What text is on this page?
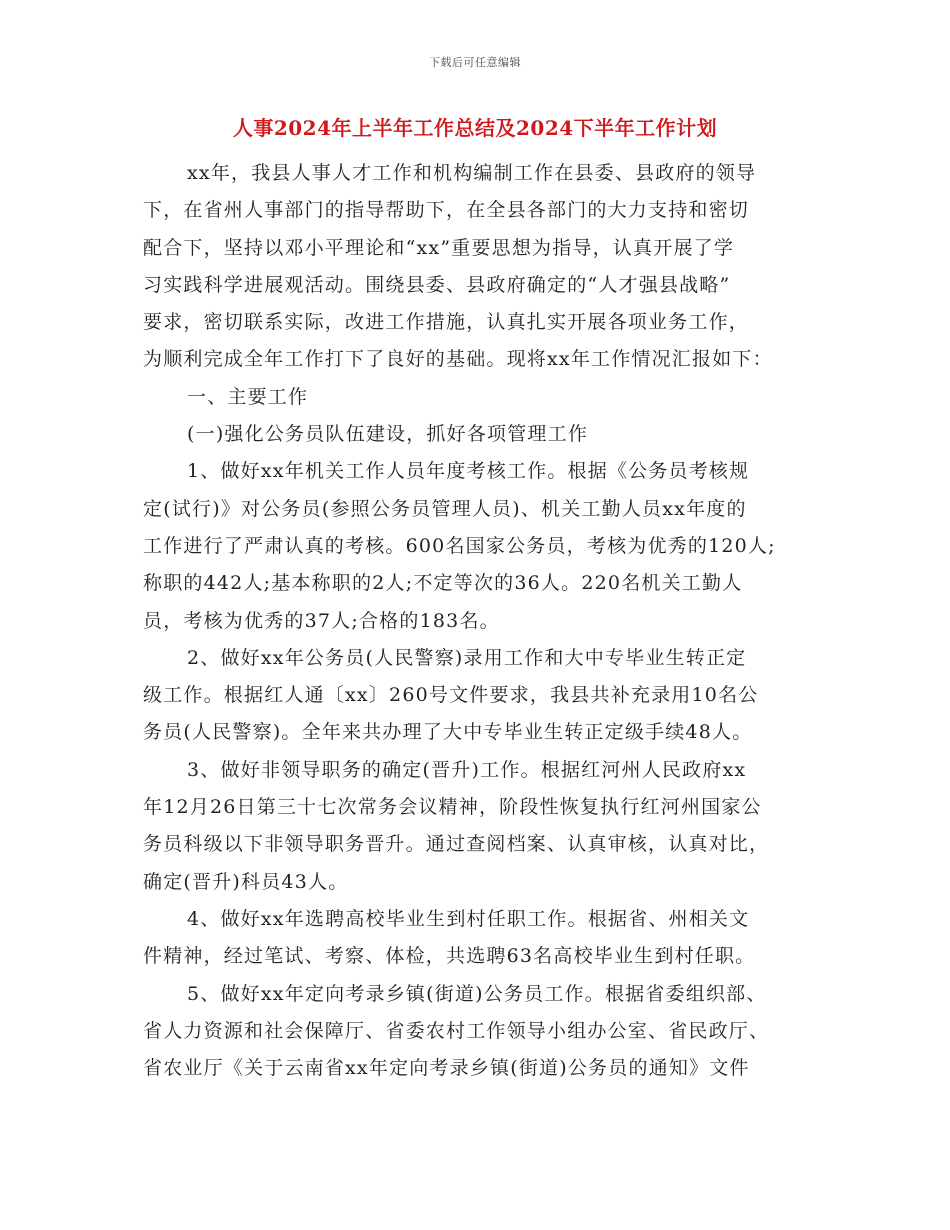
下载后可任意编辑
人事2024年上半年工作总结及2024下半年工作计划
xx年，我县人事人才工作和机构编制工作在县委、县政府的领导
下，在省州人事部门的指导帮助下，在全县各部门的大力支持和密切
配合下，坚持以邓小平理论和“xx”重要思想为指导，认真开展了学
习实践科学进展观活动。围绕县委、县政府确定的“人才强县战略”
要求，密切联系实际，改进工作措施，认真扎实开展各项业务工作，
为顺利完成全年工作打下了良好的基础。现将xx年工作情况汇报如下：
一、主要工作
(一)强化公务员队伍建设，抓好各项管理工作
1、做好xx年机关工作人员年度考核工作。根据《公务员考核规
定(试行)》对公务员(参照公务员管理人员)、机关工勤人员xx年度的
工作进行了严肃认真的考核。600名国家公务员，考核为优秀的120人;
称职的442人;基本称职的2人;不定等次的36人。220名机关工勤人
员，考核为优秀的37人;合格的183名。
2、做好xx年公务员(人民警察)录用工作和大中专毕业生转正定
级工作。根据红人通〔xx〕260号文件要求，我县共补充录用10名公
务员(人民警察)。全年来共办理了大中专毕业生转正定级手续48人。
3、做好非领导职务的确定(晋升)工作。根据红河州人民政府xx
年12月26日第三十七次常务会议精神，阶段性恢复执行红河州国家公
务员科级以下非领导职务晋升。通过查阅档案、认真审核，认真对比，
确定(晋升)科员43人。
4、做好xx年选聘高校毕业生到村任职工作。根据省、州相关文
件精神，经过笔试、考察、体检，共选聘63名高校毕业生到村任职。
5、做好xx年定向考录乡镇(街道)公务员工作。根据省委组织部、
省人力资源和社会保障厅、省委农村工作领导小组办公室、省民政厅、
省农业厅《关于云南省xx年定向考录乡镇(街道)公务员的通知》文件
